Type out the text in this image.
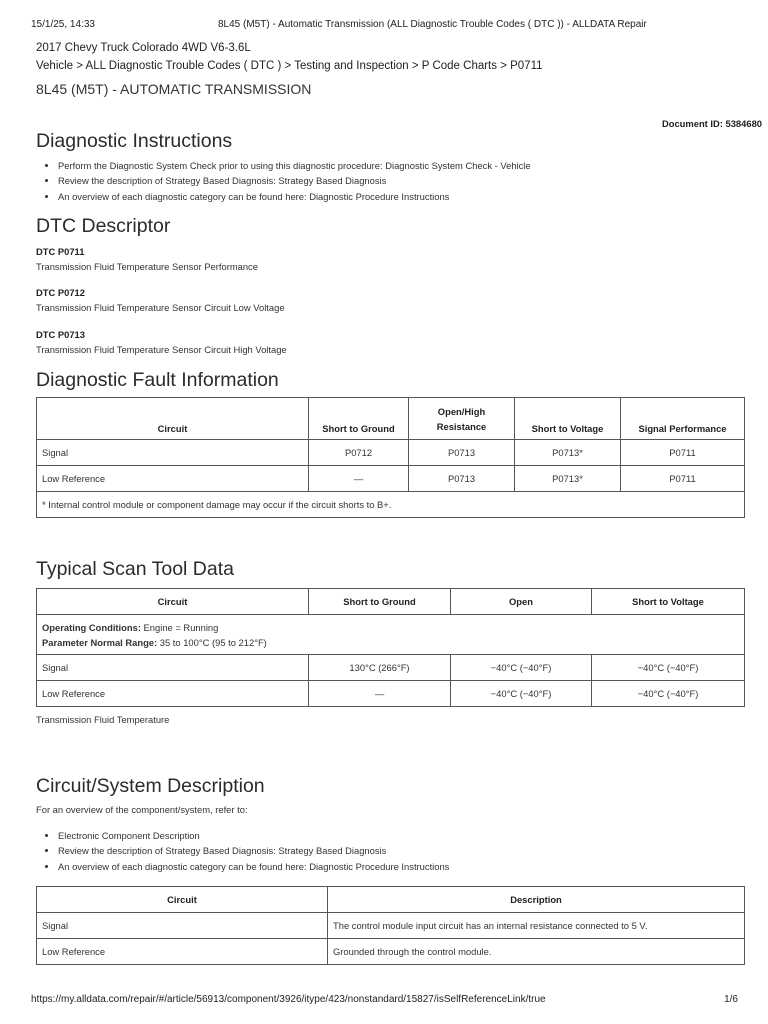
15/1/25, 14:33	8L45 (M5T) - Automatic Transmission (ALL Diagnostic Trouble Codes ( DTC )) - ALLDATA Repair
2017 Chevy Truck Colorado 4WD V6-3.6L
Vehicle > ALL Diagnostic Trouble Codes ( DTC ) > Testing and Inspection > P Code Charts > P0711
8L45 (M5T) - AUTOMATIC TRANSMISSION
Document ID: 5384680
Diagnostic Instructions
• Perform the Diagnostic System Check prior to using this diagnostic procedure: Diagnostic System Check - Vehicle
• Review the description of Strategy Based Diagnosis: Strategy Based Diagnosis
• An overview of each diagnostic category can be found here: Diagnostic Procedure Instructions
DTC Descriptor
DTC P0711
Transmission Fluid Temperature Sensor Performance
DTC P0712
Transmission Fluid Temperature Sensor Circuit Low Voltage
DTC P0713
Transmission Fluid Temperature Sensor Circuit High Voltage
Diagnostic Fault Information
Circuit	Short to Ground	Open/High Resistance	Short to Voltage	Signal Performance
Signal	P0712	P0713	P0713*	P0711
Low Reference	—	P0713	P0713*	P0711
* Internal control module or component damage may occur if the circuit shorts to B+.				
Typical Scan Tool Data
Circuit	Short to Ground	Open	Short to Voltage
Operating Conditions: Engine = Running
Parameter Normal Range: 35 to 100°C (95 to 212°F)			
Signal	130°C (266°F)	−40°C (−40°F)	−40°C (−40°F)
Low Reference	—	−40°C (−40°F)	−40°C (−40°F)
Transmission Fluid Temperature
Circuit/System Description
For an overview of the component/system, refer to:
• Electronic Component Description
• Review the description of Strategy Based Diagnosis: Strategy Based Diagnosis
• An overview of each diagnostic category can be found here: Diagnostic Procedure Instructions
Circuit	Description
Signal	The control module input circuit has an internal resistance connected to 5 V.
Low Reference	Grounded through the control module.
https://my.alldata.com/repair/#/article/56913/component/3926/itype/423/nonstandard/15827/isSelfReferenceLink/true	1/6
